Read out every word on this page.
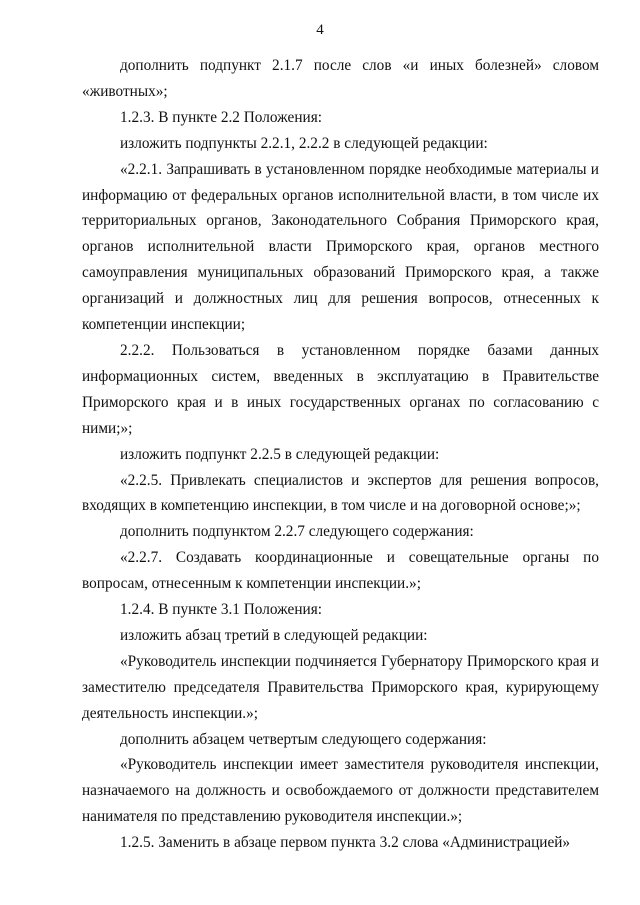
4

дополнить подпункт 2.1.7 после слов «и иных болезней» словом «животных»;

1.2.3. В пункте 2.2 Положения:

изложить подпункты 2.2.1, 2.2.2 в следующей редакции:

«2.2.1. Запрашивать в установленном порядке необходимые материалы и информацию от федеральных органов исполнительной власти, в том числе их территориальных органов, Законодательного Собрания Приморского края, органов исполнительной власти Приморского края, органов местного самоуправления муниципальных образований Приморского края, а также организаций и должностных лиц для решения вопросов, отнесенных к компетенции инспекции;

2.2.2. Пользоваться в установленном порядке базами данных информационных систем, введенных в эксплуатацию в Правительстве Приморского края и в иных государственных органах по согласованию с ними;»;

изложить подпункт 2.2.5 в следующей редакции:

«2.2.5. Привлекать специалистов и экспертов для решения вопросов, входящих в компетенцию инспекции, в том числе и на договорной основе;»;

дополнить подпунктом 2.2.7 следующего содержания:

«2.2.7. Создавать координационные и совещательные органы по вопросам, отнесенным к компетенции инспекции.»;

1.2.4. В пункте 3.1 Положения:

изложить абзац третий в следующей редакции:

«Руководитель инспекции подчиняется Губернатору Приморского края и заместителю председателя Правительства Приморского края, курирующему деятельность инспекции.»;

дополнить абзацем четвертым следующего содержания:

«Руководитель инспекции имеет заместителя руководителя инспекции, назначаемого на должность и освобождаемого от должности представителем нанимателя по представлению руководителя инспекции.»;

1.2.5. Заменить в абзаце первом пункта 3.2 слова «Администрацией»
